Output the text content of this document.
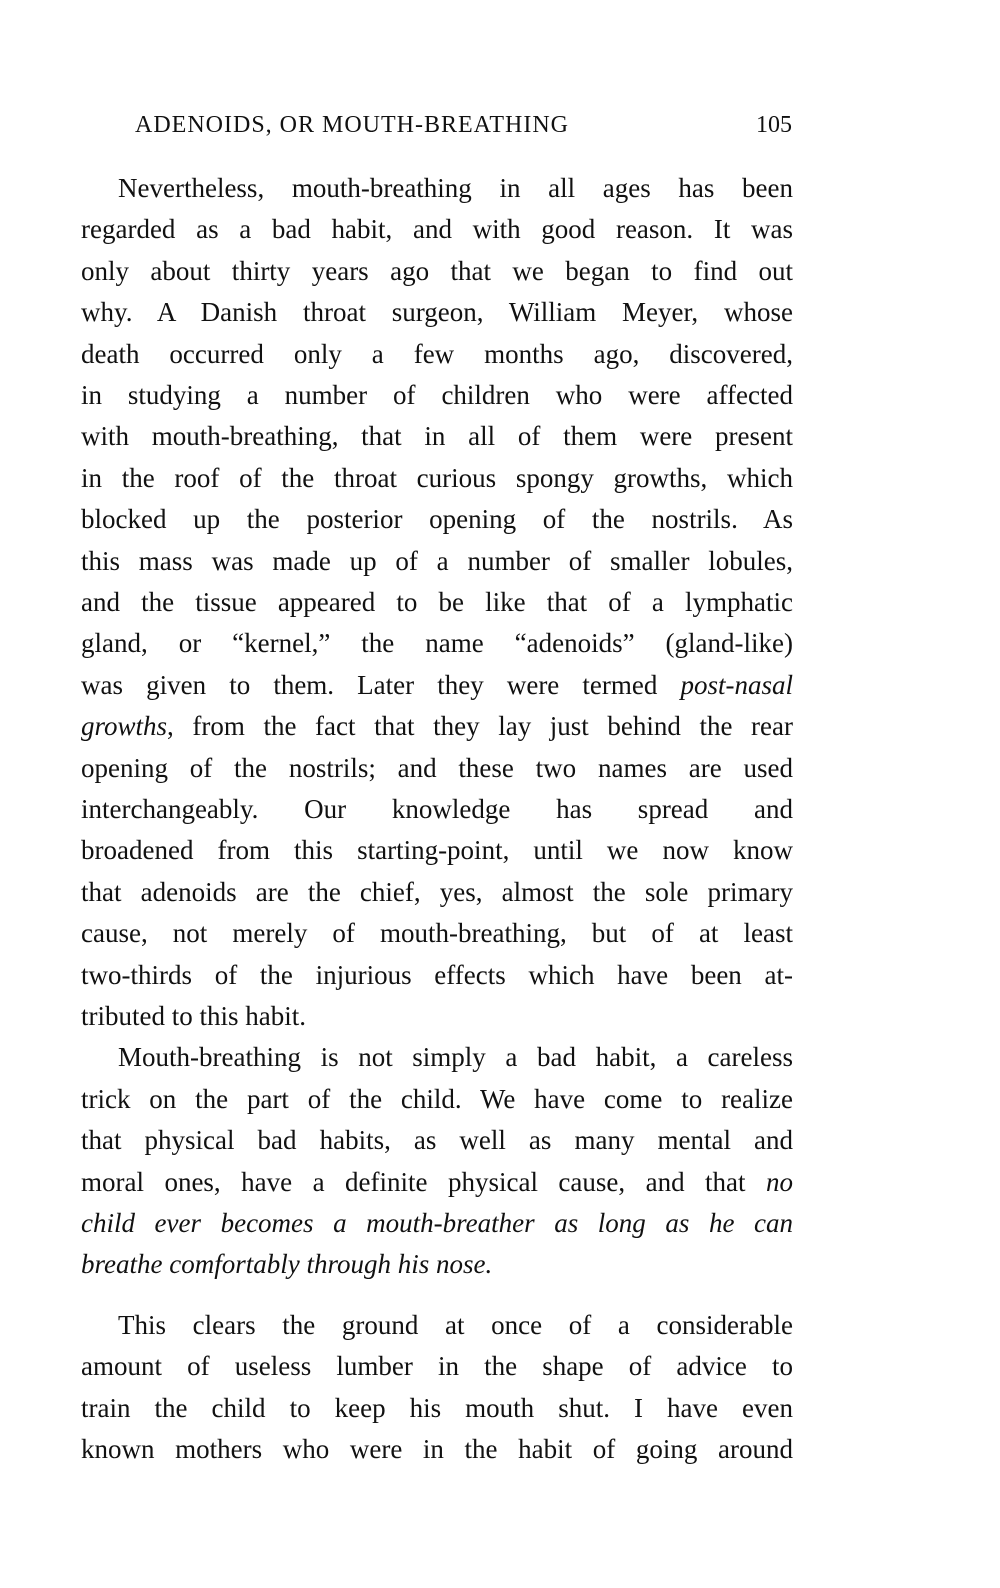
ADENOIDS, OR MOUTH-BREATHING	105
Nevertheless, mouth-breathing in all ages has been
regarded as a bad habit, and with good reason. It was
only about thirty years ago that we began to find out
why. A Danish throat surgeon, William Meyer, whose
death occurred only a few months ago, discovered,
in studying a number of children who were affected
with mouth-breathing, that in all of them were present
in the roof of the throat curious spongy growths, which
blocked up the posterior opening of the nostrils. As
this mass was made up of a number of smaller lobules,
and the tissue appeared to be like that of a lymphatic
gland, or “kernel,” the name “adenoids” (gland-like)
was given to them. Later they were termed post-nasal
growths, from the fact that they lay just behind the rear
opening of the nostrils; and these two names are used
interchangeably. Our knowledge has spread and
broadened from this starting-point, until we now know
that adenoids are the chief, yes, almost the sole primary
cause, not merely of mouth-breathing, but of at least
two-thirds of the injurious effects which have been at-
tributed to this habit.
Mouth-breathing is not simply a bad habit, a careless
trick on the part of the child. We have come to realize
that physical bad habits, as well as many mental and
moral ones, have a definite physical cause, and that no
child ever becomes a mouth-breather as long as he can
breathe comfortably through his nose.
This clears the ground at once of a considerable
amount of useless lumber in the shape of advice to
train the child to keep his mouth shut. I have even
known mothers who were in the habit of going around
